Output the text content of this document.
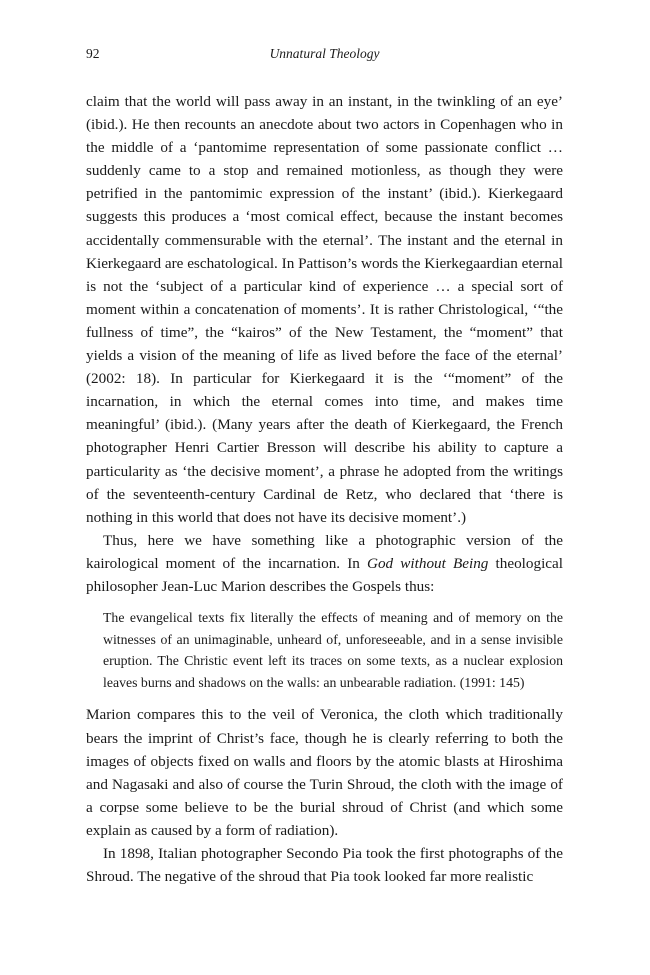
92	Unnatural Theology

claim that the world will pass away in an instant, in the twinkling of an eye’ (ibid.). He then recounts an anecdote about two actors in Copenhagen who in the middle of a ‘pantomime representation of some passionate conflict … suddenly came to a stop and remained motionless, as though they were petrified in the pantomimic expression of the instant’ (ibid.). Kierkegaard suggests this produces a ‘most comical effect, because the instant becomes accidentally commensurable with the eternal’. The instant and the eternal in Kierkegaard are eschatological. In Pattison’s words the Kierkegaardian eternal is not the ‘subject of a particular kind of experience … a special sort of moment within a concatenation of moments’. It is rather Christological, ‘“the fullness of time”, the “kairos” of the New Testament, the “moment” that yields a vision of the meaning of life as lived before the face of the eternal’ (2002: 18). In particular for Kierkegaard it is the ‘“moment” of the incarnation, in which the eternal comes into time, and makes time meaningful’ (ibid.). (Many years after the death of Kierkegaard, the French photographer Henri Cartier Bresson will describe his ability to capture a particularity as ‘the decisive moment’, a phrase he adopted from the writings of the seventeenth-century Cardinal de Retz, who declared that ‘there is nothing in this world that does not have its decisive moment’.)

Thus, here we have something like a photographic version of the kairological moment of the incarnation. In God without Being theological philosopher Jean-Luc Marion describes the Gospels thus:

The evangelical texts fix literally the effects of meaning and of memory on the witnesses of an unimaginable, unheard of, unforeseeable, and in a sense invisible eruption. The Christic event left its traces on some texts, as a nuclear explosion leaves burns and shadows on the walls: an unbearable radiation. (1991: 145)

Marion compares this to the veil of Veronica, the cloth which traditionally bears the imprint of Christ’s face, though he is clearly referring to both the images of objects fixed on walls and floors by the atomic blasts at Hiroshima and Nagasaki and also of course the Turin Shroud, the cloth with the image of a corpse some believe to be the burial shroud of Christ (and which some explain as caused by a form of radiation).

In 1898, Italian photographer Secondo Pia took the first photographs of the Shroud. The negative of the shroud that Pia took looked far more realistic
